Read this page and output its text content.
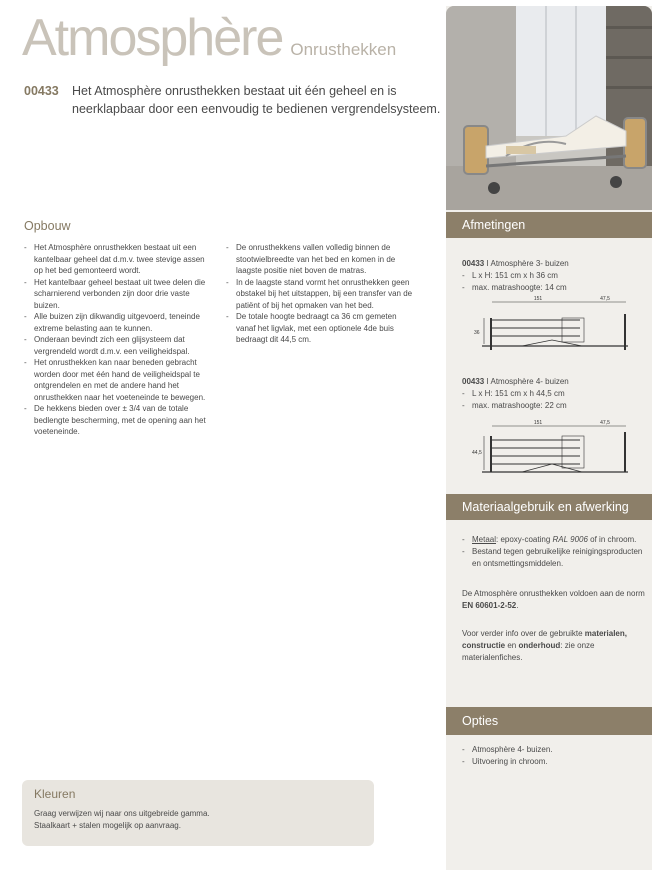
Atmosphère Onrusthekken
00433 Het Atmosphère onrusthekken bestaat uit één geheel en is neerklapbaar door een eenvoudig te bedienen vergrendelsysteem.
Opbouw
- Het Atmosphère onrusthekken bestaat uit een kantelbaar geheel dat d.m.v. twee stevige assen op het bed gemonteerd wordt.
- Het kantelbaar geheel bestaat uit twee delen die scharnierend verbonden zijn door drie vaste buizen.
- Alle buizen zijn dikwandig uitgevoerd, teneinde extreme belasting aan te kunnen.
- Onderaan bevindt zich een glijsysteem dat vergrendeld wordt d.m.v. een veiligheidspal.
- Het onrusthekken kan naar beneden gebracht worden door met één hand de veiligheidspal te ontgrendelen en met de andere hand het onrusthekken naar het voeteneinde te bewegen.
- De hekkens bieden over ± 3/4 van de totale bedlengte bescherming, met de opening aan het voeteneinde.
- De onrusthekkens vallen volledig binnen de stootwielbreedte van het bed en komen in de laagste positie niet boven de matras.
- In de laagste stand vormt het onrusthekken geen obstakel bij het uitstappen, bij een transfer van de patiënt of bij het opmaken van het bed.
- De totale hoogte bedraagt ca 36 cm gemeten vanaf het ligvlak, met een optionele 4de buis bedraagt dit 44,5 cm.
Kleuren
Graag verwijzen wij naar ons uitgebreide gamma.
Staalkaart + stalen mogelijk op aanvraag.
Afmetingen
00433 I Atmosphère 3- buizen
- L x H: 151 cm x h 36 cm
- max. matrashoogte: 14 cm
151	47,5
36
00433 I Atmosphère 4- buizen
- L x H: 151 cm x h 44,5 cm
- max. matrashoogte: 22 cm
151	47,5
44,5
Materiaalgebruik en afwerking
- Metaal: epoxy-coating RAL 9006 of in chroom.
- Bestand tegen gebruikelijke reinigingsproducten en ontsmettingsmiddelen.
De Atmosphère onrusthekken voldoen aan de norm EN 60601-2-52.
Voor verder info over de gebruikte materialen, constructie en onderhoud: zie onze materialenfiches.
Opties
- Atmosphère 4- buizen.
- Uitvoering in chroom.
